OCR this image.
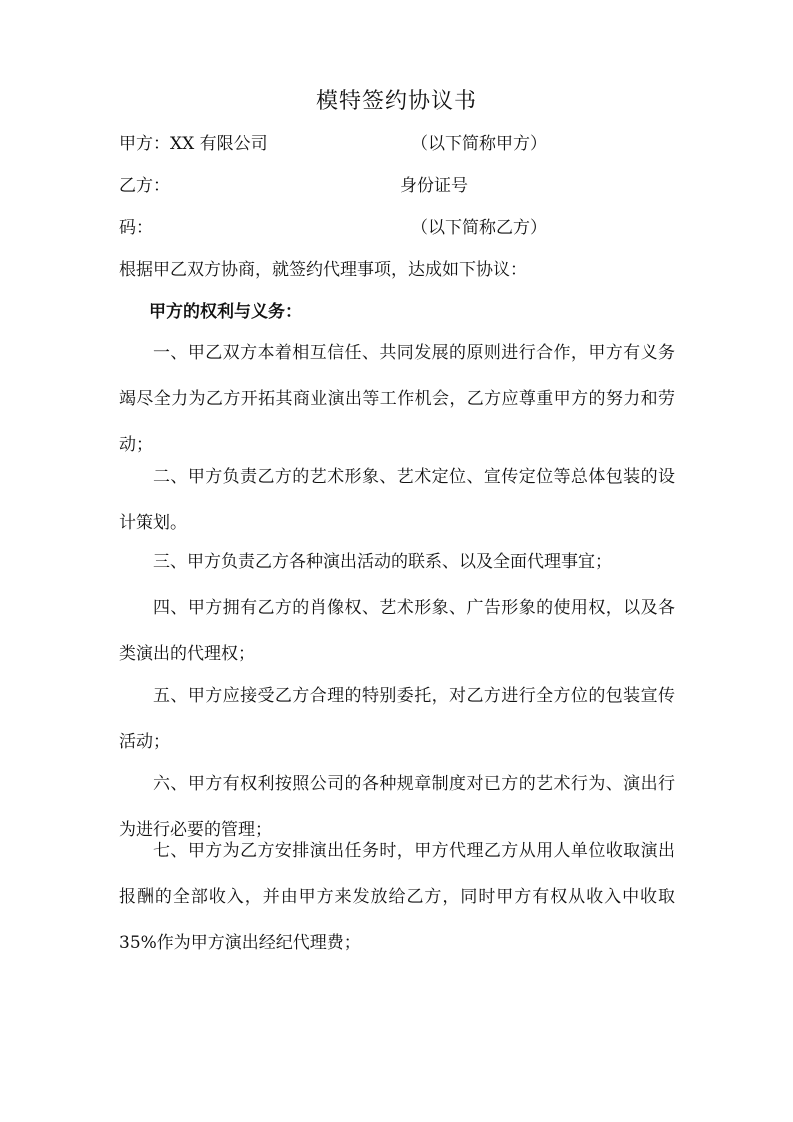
模特签约协议书
甲方：XX 有限公司	（以下简称甲方）
乙方：	身份证号
码：	（以下简称乙方）
根据甲乙双方协商，就签约代理事项，达成如下协议：
甲方的权利与义务：
一、甲乙双方本着相互信任、共同发展的原则进行合作，甲方有义务竭尽全力为乙方开拓其商业演出等工作机会，乙方应尊重甲方的努力和劳动；
二、甲方负责乙方的艺术形象、艺术定位、宣传定位等总体包装的设计策划。
三、甲方负责乙方各种演出活动的联系、以及全面代理事宜；
四、甲方拥有乙方的肖像权、艺术形象、广告形象的使用权，以及各类演出的代理权；
五、甲方应接受乙方合理的特别委托，对乙方进行全方位的包装宣传活动；
六、甲方有权利按照公司的各种规章制度对已方的艺术行为、演出行为进行必要的管理；
七、甲方为乙方安排演出任务时，甲方代理乙方从用人单位收取演出报酬的全部收入，并由甲方来发放给乙方，同时甲方有权从收入中收取 35%作为甲方演出经纪代理费；
